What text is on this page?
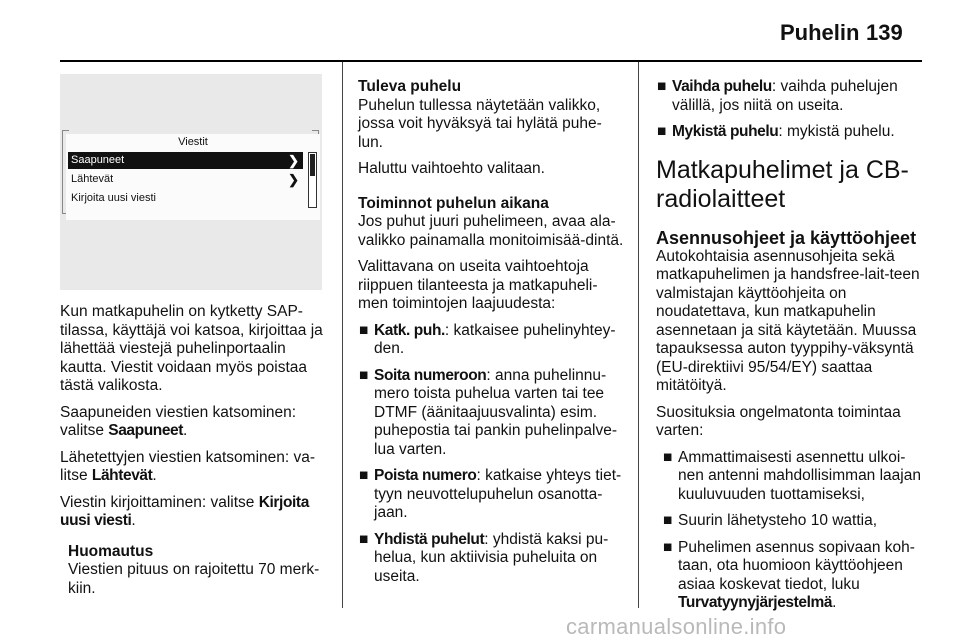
Puhelin 139
Viestit
Saapuneet	❯
Lähtevät	❯
Kirjoita uusi viesti

Kun matkapuhelin on kytketty SAP-tilassa, käyttäjä voi katsoa, kirjoittaa ja lähettää viestejä puhelinportaalin kautta. Viestit voidaan myös poistaa tästä valikosta.

Saapuneiden viestien katsominen: valitse Saapuneet.

Lähetettyjen viestien katsominen: va-litse Lähtevät.

Viestin kirjoittaminen: valitse Kirjoita uusi viesti.

Huomautus
Viestien pituus on rajoitettu 70 merk-kiin.
Tuleva puhelu

Puhelun tullessa näytetään valikko, jossa voit hyväksyä tai hylätä puhe-lun.

Haluttu vaihtoehto valitaan.

Toiminnot puhelun aikana

Jos puhut juuri puhelimeen, avaa ala-valikko painamalla monitoimisää-dintä.

Valittavana on useita vaihtoehtoja riippuen tilanteesta ja matkapuheli-men toimintojen laajuudesta:

■ Katk. puh.: katkaisee puhelinyhtey-den.
■ Soita numeroon: anna puhelinnu-mero toista puhelua varten tai tee DTMF (äänitaajuusvalinta) esim. puhepostia tai pankin puhelinpalve-lua varten.
■ Poista numero: katkaise yhteys tiet-tyyn neuvottelupuhelun osanotta-jaan.
■ Yhdistä puhelut: yhdistä kaksi pu-helua, kun aktiivisia puheluita on useita.
■ Vaihda puhelu: vaihda puhelujen välillä, jos niitä on useita.
■ Mykistä puhelu: mykistä puhelu.
Matkapuhelimet ja CB-radiolaitteet
Asennusohjeet ja käyttöohjeet

Autokohtaisia asennusohjeita sekä matkapuhelimen ja handsfree-lait-teen valmistajan käyttöohjeita on noudatettava, kun matkapuhelin asennetaan ja sitä käytetään. Muussa tapauksessa auton tyyppihy-väksyntä (EU-direktiivi 95/54/EY) saattaa mitätöityä.

Suosituksia ongelmatonta toimintaa varten:

■ Ammattimaisesti asennettu ulkoi-nen antenni mahdollisimman laajan kuuluvuuden tuottamiseksi,
■ Suurin lähetysteho 10 wattia,
■ Puhelimen asennus sopivaan koh-taan, ota huomioon käyttöohjeen asiaa koskevat tiedot, luku Turvatyynyjärjestelmä.
carmanualsonline.info
